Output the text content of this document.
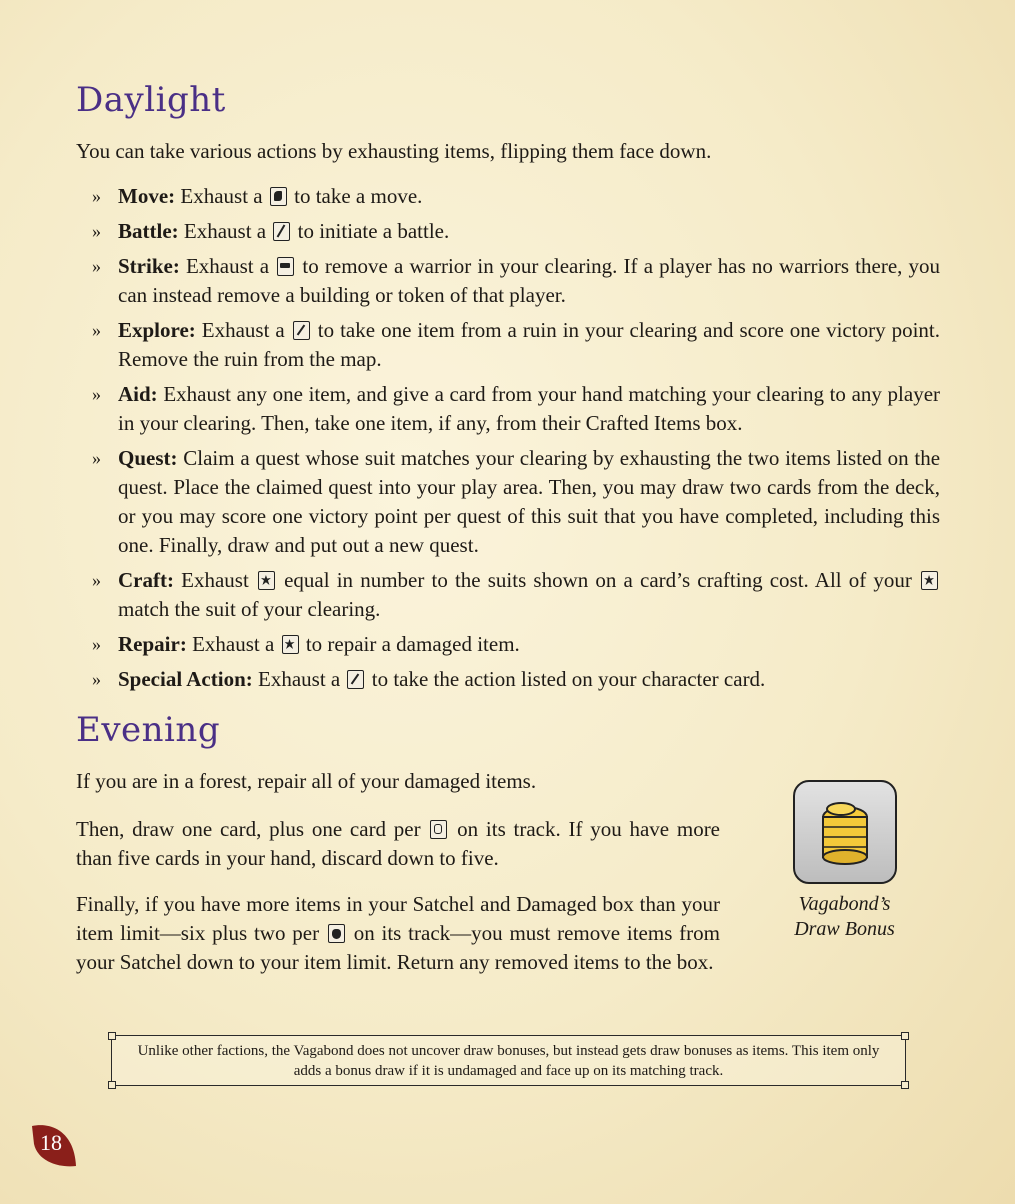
Daylight

You can take various actions by exhausting items, flipping them face down.

» Move: Exhaust a to take a move.
» Battle: Exhaust a to initiate a battle.
» Strike: Exhaust a to remove a warrior in your clearing. If a player has no warriors there, you can instead remove a building or token of that player.
» Explore: Exhaust a to take one item from a ruin in your clearing and score one victory point. Remove the ruin from the map.
» Aid: Exhaust any one item, and give a card from your hand matching your clearing to any player in your clearing. Then, take one item, if any, from their Crafted Items box.
» Quest: Claim a quest whose suit matches your clearing by exhausting the two items listed on the quest. Place the claimed quest into your play area. Then, you may draw two cards from the deck, or you may score one victory point per quest of this suit that you have completed, including this one. Finally, draw and put out a new quest.
» Craft: Exhaust equal in number to the suits shown on a card’s crafting cost. All of your  match the suit of your clearing.
» Repair: Exhaust a to repair a damaged item.
» Special Action: Exhaust a to take the action listed on your character card.
Evening

If you are in a forest, repair all of your damaged items.

Then, draw one card, plus one card per on its track. If you have more than five cards in your hand, discard down to five.

Finally, if you have more items in your Satchel and Damaged box than your item limit—six plus two per on its track—you must remove items from your Satchel down to your item limit. Return any removed items to the box.

Vagabond’s
Draw Bonus

Unlike other factions, the Vagabond does not uncover draw bonuses, but instead gets draw bonuses as items. This item only adds a bonus draw if it is undamaged and face up on its matching track.

18
